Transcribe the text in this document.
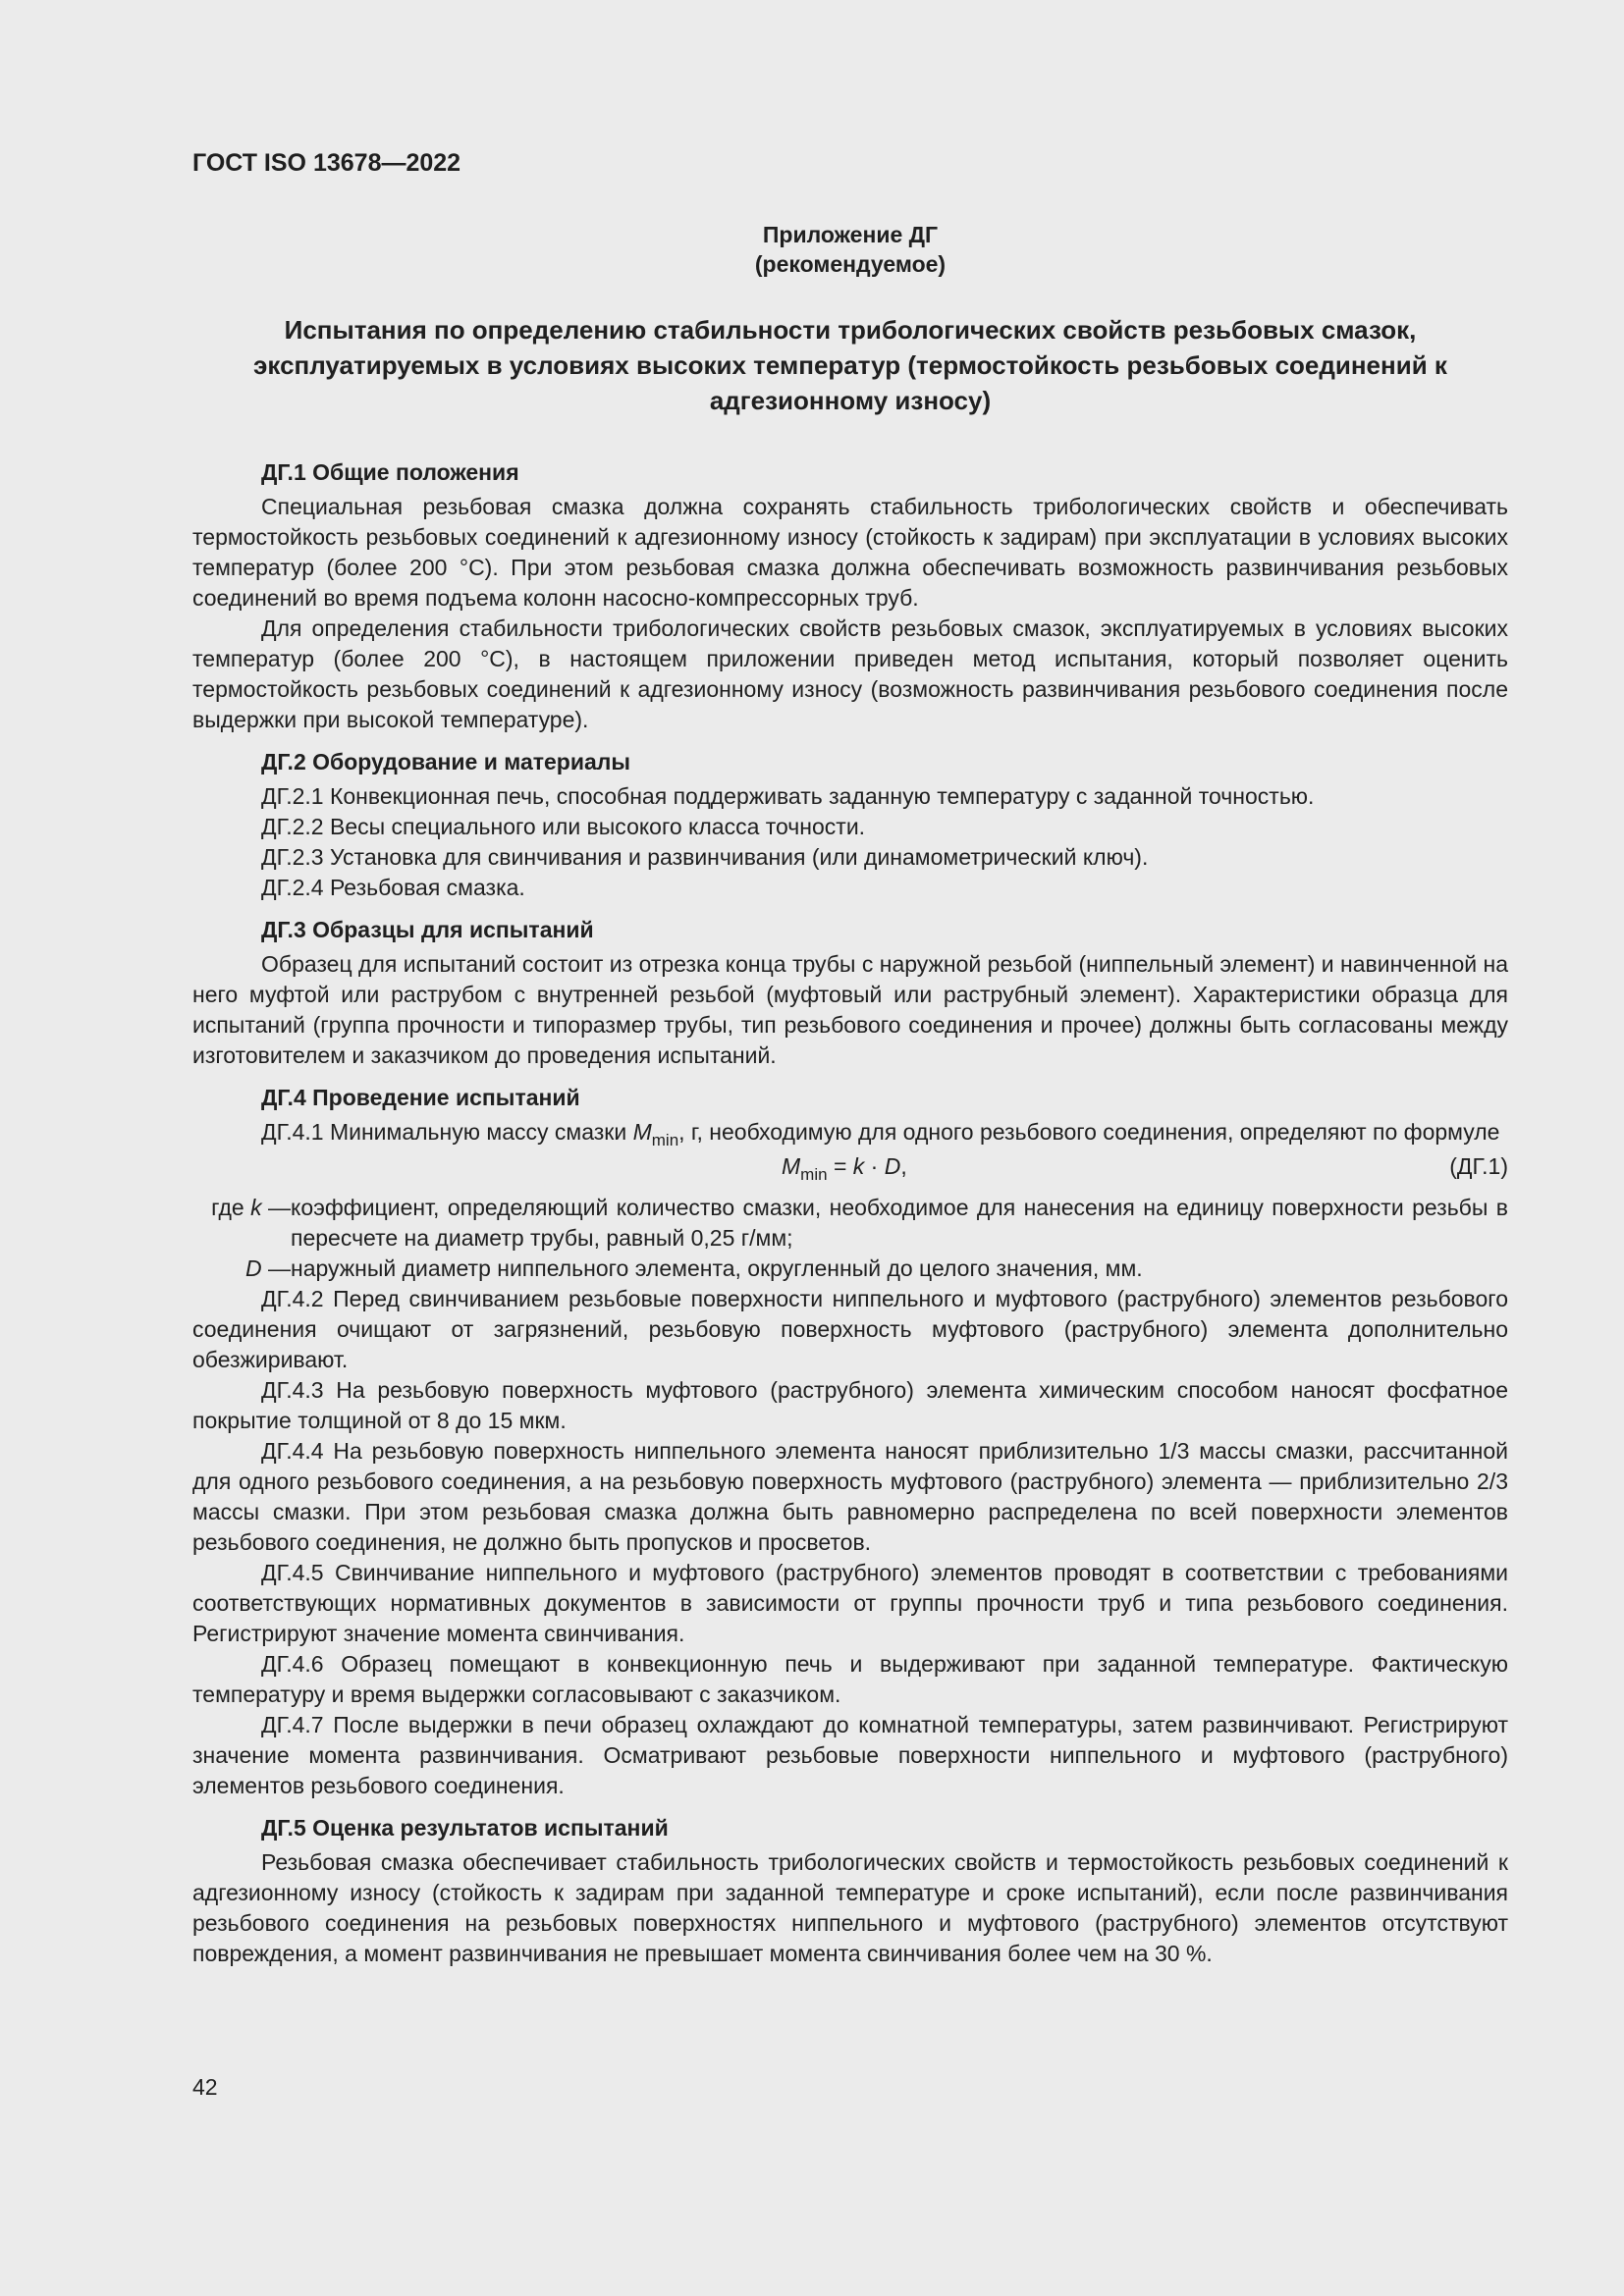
ГОСТ ISO 13678—2022
Приложение ДГ
(рекомендуемое)
Испытания по определению стабильности трибологических свойств резьбовых смазок, эксплуатируемых в условиях высоких температур (термостойкость резьбовых соединений к адгезионному износу)
ДГ.1 Общие положения

Специальная резьбовая смазка должна сохранять стабильность трибологических свойств и обеспечивать термостойкость резьбовых соединений к адгезионному износу (стойкость к задирам) при эксплуатации в условиях высоких температур (более 200 °С). При этом резьбовая смазка должна обеспечивать возможность развинчивания резьбовых соединений во время подъема колонн насосно-компрессорных труб.

Для определения стабильности трибологических свойств резьбовых смазок, эксплуатируемых в условиях высоких температур (более 200 °С), в настоящем приложении приведен метод испытания, который позволяет оценить термостойкость резьбовых соединений к адгезионному износу (возможность развинчивания резьбового соединения после выдержки при высокой температуре).

ДГ.2 Оборудование и материалы

ДГ.2.1 Конвекционная печь, способная поддерживать заданную температуру с заданной точностью.

ДГ.2.2 Весы специального или высокого класса точности.

ДГ.2.3 Установка для свинчивания и развинчивания (или динамометрический ключ).

ДГ.2.4 Резьбовая смазка.

ДГ.3 Образцы для испытаний

Образец для испытаний состоит из отрезка конца трубы с наружной резьбой (ниппельный элемент) и навинченной на него муфтой или раструбом с внутренней резьбой (муфтовый или раструбный элемент). Характеристики образца для испытаний (группа прочности и типоразмер трубы, тип резьбового соединения и прочее) должны быть согласованы между изготовителем и заказчиком до проведения испытаний.

ДГ.4 Проведение испытаний

ДГ.4.1 Минимальную массу смазки $M_{min}$, г, необходимую для одного резьбового соединения, определяют по формуле

$M_{min} = k \cdot D$,	(ДГ.1)
где k — коэффициент, определяющий количество смазки, необходимое для нанесения на единицу поверхности резьбы в пересчете на диаметр трубы, равный 0,25 г/мм;
D — наружный диаметр ниппельного элемента, округленный до целого значения, мм.

ДГ.4.2 Перед свинчиванием резьбовые поверхности ниппельного и муфтового (раструбного) элементов резьбового соединения очищают от загрязнений, резьбовую поверхность муфтового (раструбного) элемента дополнительно обезжиривают.

ДГ.4.3 На резьбовую поверхность муфтового (раструбного) элемента химическим способом наносят фосфатное покрытие толщиной от 8 до 15 мкм.

ДГ.4.4 На резьбовую поверхность ниппельного элемента наносят приблизительно 1/3 массы смазки, рассчитанной для одного резьбового соединения, а на резьбовую поверхность муфтового (раструбного) элемента — приблизительно 2/3 массы смазки. При этом резьбовая смазка должна быть равномерно распределена по всей поверхности элементов резьбового соединения, не должно быть пропусков и просветов.

ДГ.4.5 Свинчивание ниппельного и муфтового (раструбного) элементов проводят в соответствии с требованиями соответствующих нормативных документов в зависимости от группы прочности труб и типа резьбового соединения. Регистрируют значение момента свинчивания.

ДГ.4.6 Образец помещают в конвекционную печь и выдерживают при заданной температуре. Фактическую температуру и время выдержки согласовывают с заказчиком.

ДГ.4.7 После выдержки в печи образец охлаждают до комнатной температуры, затем развинчивают. Регистрируют значение момента развинчивания. Осматривают резьбовые поверхности ниппельного и муфтового (раструбного) элементов резьбового соединения.

ДГ.5 Оценка результатов испытаний

Резьбовая смазка обеспечивает стабильность трибологических свойств и термостойкость резьбовых соединений к адгезионному износу (стойкость к задирам при заданной температуре и сроке испытаний), если после развинчивания резьбового соединения на резьбовых поверхностях ниппельного и муфтового (раструбного) элементов отсутствуют повреждения, а момент развинчивания не превышает момента свинчивания более чем на 30 %.

42
